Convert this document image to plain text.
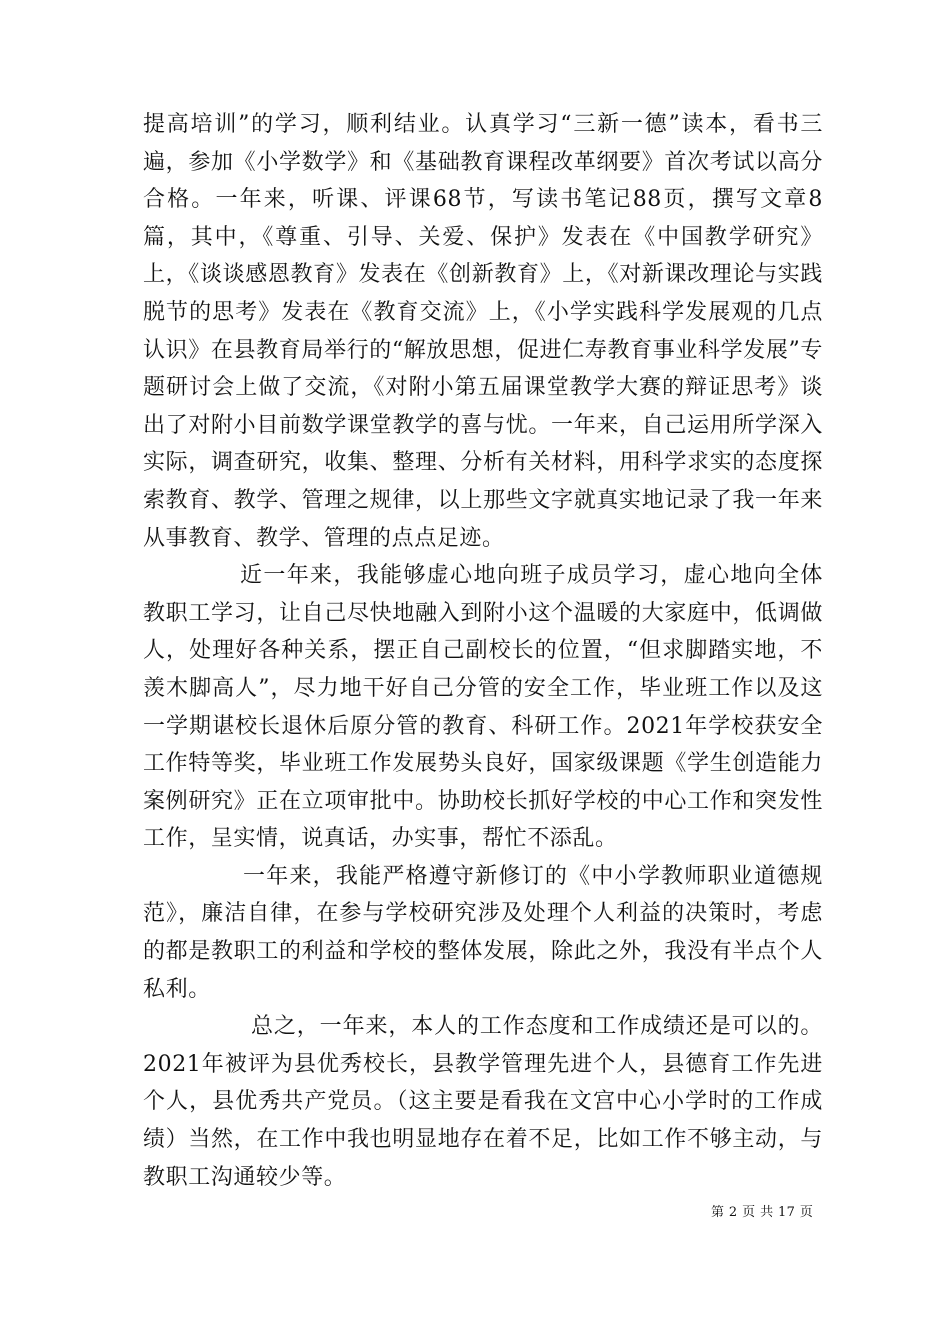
提高培训”的学习，顺利结业。认真学习“三新一德”读本，看书三遍，参加《小学数学》和《基础教育课程改革纲要》首次考试以高分合格。一年来，听课、评课68节，写读书笔记88页，撰写文章8篇，其中，《尊重、引导、关爱、保护》发表在《中国教学研究》上，《谈谈感恩教育》发表在《创新教育》上，《对新课改理论与实践脱节的思考》发表在《教育交流》上，《小学实践科学发展观的几点认识》在县教育局举行的“解放思想，促进仁寿教育事业科学发展”专题研讨会上做了交流，《对附小第五届课堂教学大赛的辩证思考》谈出了对附小目前数学课堂教学的喜与忧。一年来，自己运用所学深入实际，调查研究，收集、整理、分析有关材料，用科学求实的态度探索教育、教学、管理之规律，以上那些文字就真实地记录了我一年来从事教育、教学、管理的点点足迹。

近一年来，我能够虚心地向班子成员学习，虚心地向全体教职工学习，让自己尽快地融入到附小这个温暖的大家庭中，低调做人，处理好各种关系，摆正自己副校长的位置，“但求脚踏实地，不羡木脚高人”，尽力地干好自己分管的安全工作，毕业班工作以及这一学期谌校长退休后原分管的教育、科研工作。2021年学校获安全工作特等奖，毕业班工作发展势头良好，国家级课题《学生创造能力案例研究》正在立项审批中。协助校长抓好学校的中心工作和突发性工作，呈实情，说真话，办实事，帮忙不添乱。

一年来，我能严格遵守新修订的《中小学教师职业道德规范》，廉洁自律，在参与学校研究涉及处理个人利益的决策时，考虑的都是教职工的利益和学校的整体发展，除此之外，我没有半点个人私利。

总之，一年来，本人的工作态度和工作成绩还是可以的。2021年被评为县优秀校长，县教学管理先进个人，县德育工作先进个人，县优秀共产党员。（这主要是看我在文宫中心小学时的工作成绩）当然，在工作中我也明显地存在着不足，比如工作不够主动，与教职工沟通较少等。

第 2 页 共 17 页
